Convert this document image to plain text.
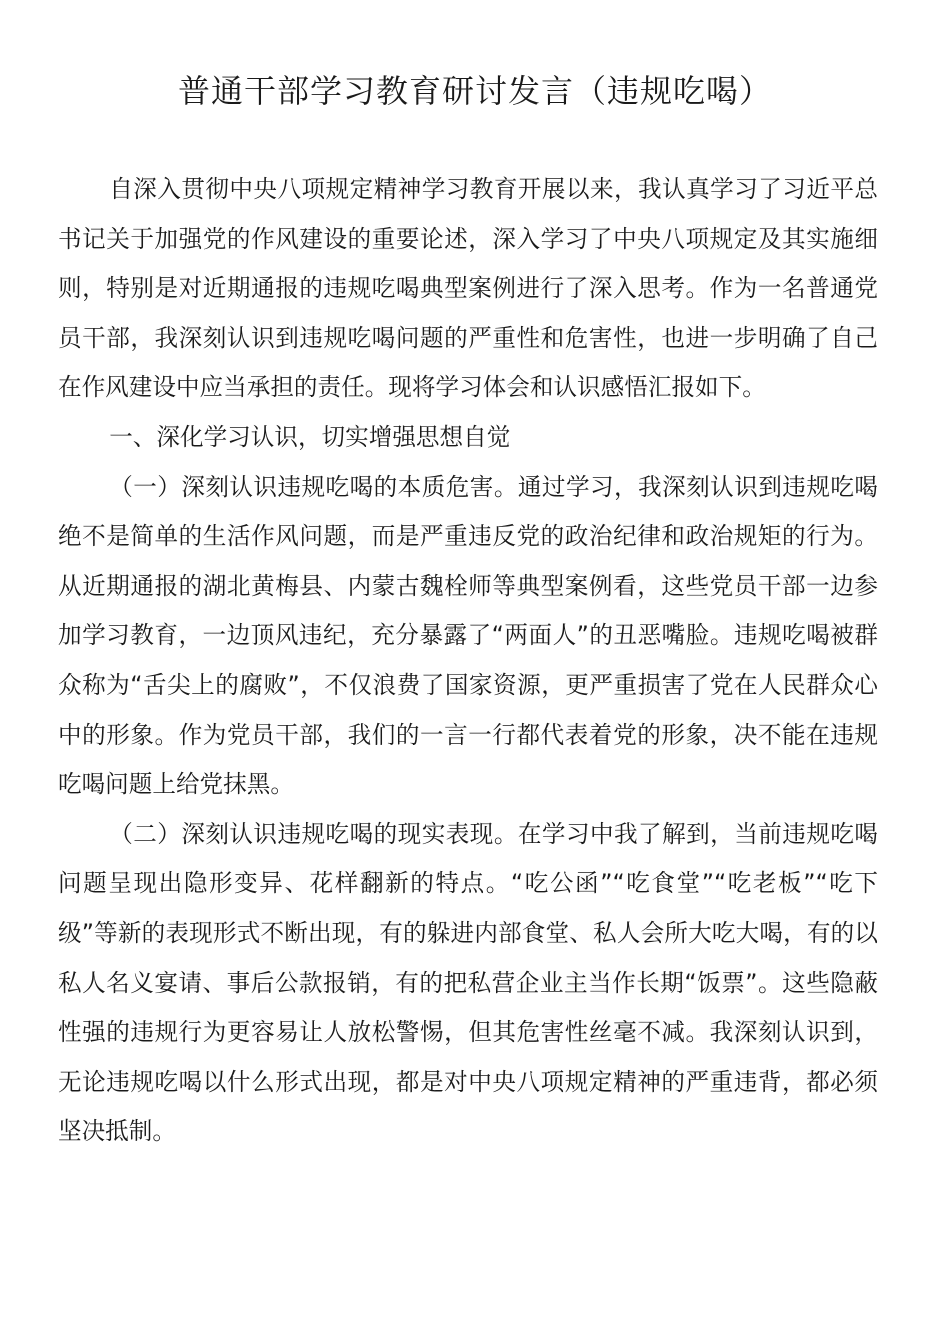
普通干部学习教育研讨发言（违规吃喝）

自深入贯彻中央八项规定精神学习教育开展以来，我认真学习了习近平总书记关于加强党的作风建设的重要论述，深入学习了中央八项规定及其实施细则，特别是对近期通报的违规吃喝典型案例进行了深入思考。作为一名普通党员干部，我深刻认识到违规吃喝问题的严重性和危害性，也进一步明确了自己在作风建设中应当承担的责任。现将学习体会和认识感悟汇报如下。

一、深化学习认识，切实增强思想自觉

（一）深刻认识违规吃喝的本质危害。通过学习，我深刻认识到违规吃喝绝不是简单的生活作风问题，而是严重违反党的政治纪律和政治规矩的行为。从近期通报的湖北黄梅县、内蒙古魏栓师等典型案例看，这些党员干部一边参加学习教育，一边顶风违纪，充分暴露了“两面人”的丑恶嘴脸。违规吃喝被群众称为“舌尖上的腐败”，不仅浪费了国家资源，更严重损害了党在人民群众心中的形象。作为党员干部，我们的一言一行都代表着党的形象，决不能在违规吃喝问题上给党抹黑。

（二）深刻认识违规吃喝的现实表现。在学习中我了解到，当前违规吃喝问题呈现出隐形变异、花样翻新的特点。“吃公函”“吃食堂”“吃老板”“吃下级”等新的表现形式不断出现，有的躲进内部食堂、私人会所大吃大喝，有的以私人名义宴请、事后公款报销，有的把私营企业主当作长期“饭票”。这些隐蔽性强的违规行为更容易让人放松警惕，但其危害性丝毫不减。我深刻认识到，无论违规吃喝以什么形式出现，都是对中央八项规定精神的严重违背，都必须坚决抵制。
